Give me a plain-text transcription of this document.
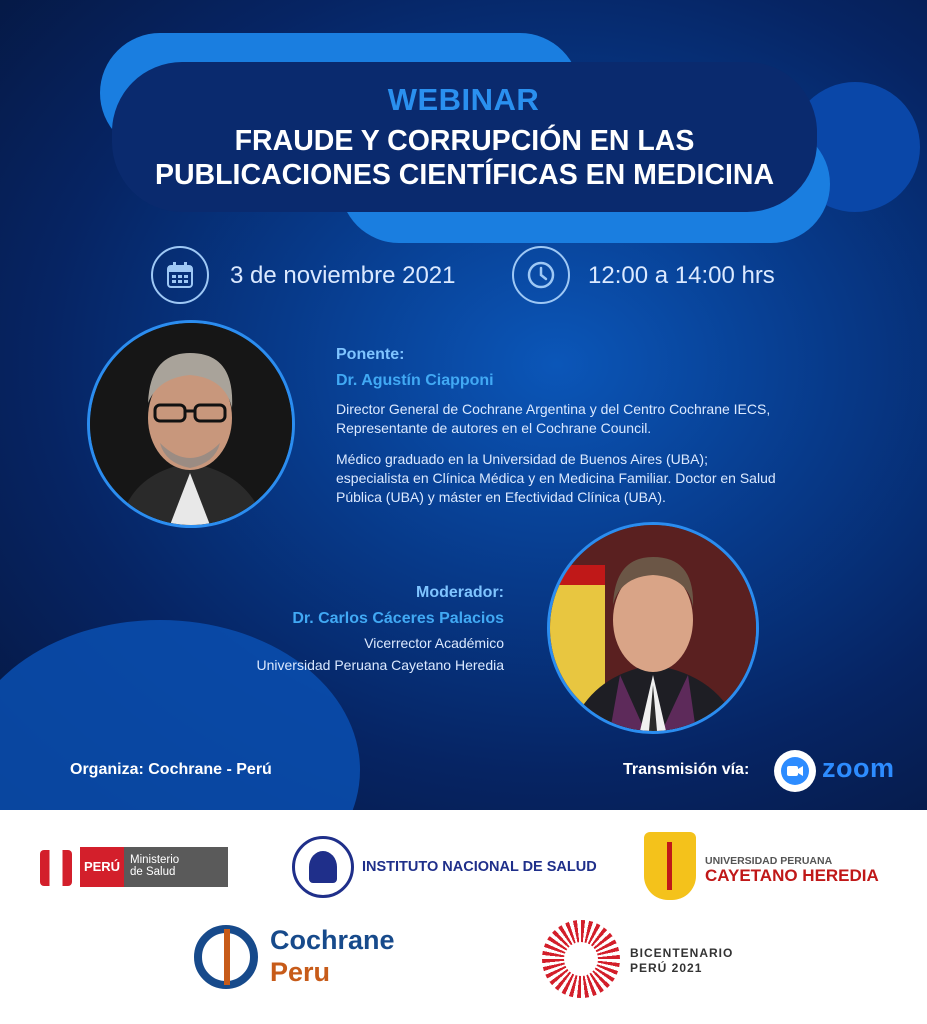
WEBINAR
FRAUDE Y CORRUPCIÓN EN LAS
PUBLICACIONES CIENTÍFICAS EN MEDICINA
3 de noviembre 2021	12:00 a 14:00 hrs
Ponente:
Dr. Agustín Ciapponi
Director General de Cochrane Argentina y del Centro Cochrane IECS, Representante de autores en el Cochrane Council.
Médico graduado en la Universidad de Buenos Aires (UBA); especialista en Clínica Médica y en Medicina Familiar. Doctor en Salud Pública (UBA) y máster en Efectividad Clínica (UBA).
Moderador:
Dr. Carlos Cáceres Palacios
Vicerrector Académico
Universidad Peruana Cayetano Heredia
Organiza: Cochrane - Perú	Transmisión vía:	zoom
PERÚ Ministerio
de Salud	INSTITUTO NACIONAL DE SALUD	UNIVERSIDAD PERUANA
CAYETANO HEREDIA
Cochrane
Peru
BICENTENARIO
PERÚ 2021
